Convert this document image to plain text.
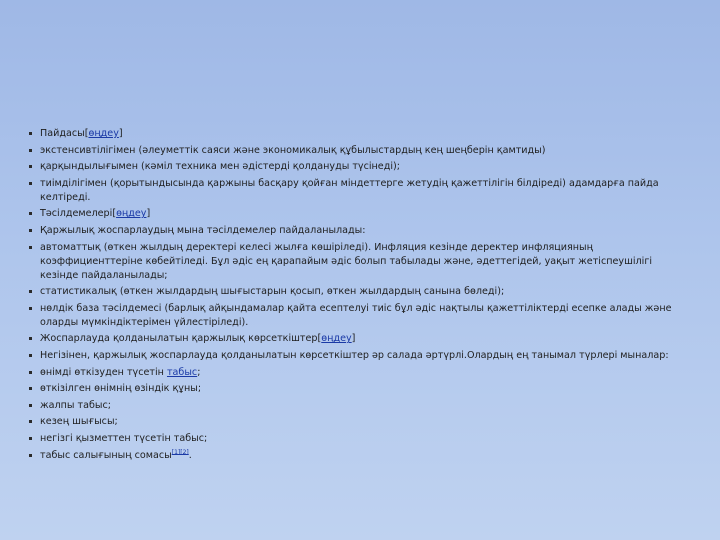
Пайдасы[өңдеу]
экстенсивтілігімен (әлеуметтік саяси және экономикалық құбылыстардың кең шеңберін қамтиды)
қарқындылығымен (кәміл техника мен әдістерді қолдануды түсінеді);
тиімділігімен (қорытындысында қаржыны басқару қойған міндеттерге жетудің қажеттілігін білдіреді) адамдарға пайда келтіреді.
Тәсілдемелері[өңдеу]
Қаржылық жоспарлаудың мына тәсілдемелер пайдаланылады:
автоматтық (өткен жылдың деректері келесі жылға көшіріледі). Инфляция кезінде деректер инфляцияның коэффициенттеріне көбейтіледі. Бұл әдіс ең қарапайым әдіс болып табылады және, әдеттегідей, уақыт жетіспеушілігі кезінде пайдаланылады;
статистикалық (өткен жылдардың шығыстарын қосып, өткен жылдардың санына бөледі);
нөлдік база тәсілдемесі (барлық айқындамалар қайта есептелуі тиіс бұл әдіс нақтылы қажеттіліктерді есепке алады және оларды мүмкіндіктерімен үйлестіріледі).
Жоспарлауда қолданылатын қаржылық көрсеткіштер[өңдеу]
Негізінен, қаржылық жоспарлауда қолданылатын көрсеткіштер әр салада әртүрлі.Олардың ең танымал түрлері мыналар:
өнімді өткізуден түсетін табыс;
өткізілген өнімнің өзіндік құны;
жалпы табыс;
кезең шығысы;
негізгі қызметтен түсетін табыс;
табыс салығының сомасы[1][2].
